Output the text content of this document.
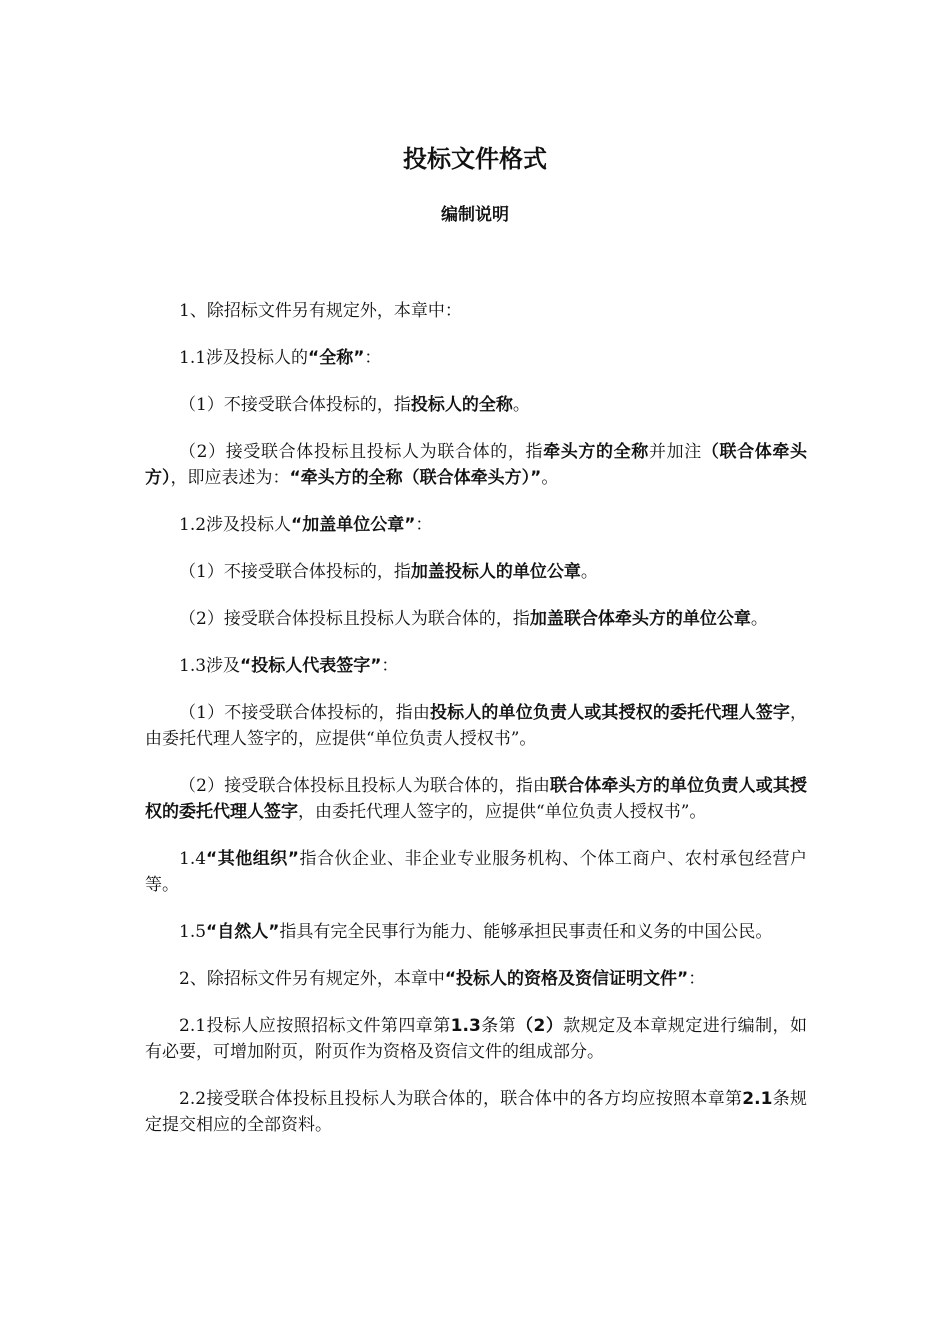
投标文件格式
编制说明

1、除招标文件另有规定外，本章中：

1.1涉及投标人的“全称”：

（1）不接受联合体投标的，指投标人的全称。

（2）接受联合体投标且投标人为联合体的，指牵头方的全称并加注（联合体牵头方），即应表述为：“牵头方的全称（联合体牵头方）”。

1.2涉及投标人“加盖单位公章”：

（1）不接受联合体投标的，指加盖投标人的单位公章。

（2）接受联合体投标且投标人为联合体的，指加盖联合体牵头方的单位公章。

1.3涉及“投标人代表签字”：

（1）不接受联合体投标的，指由投标人的单位负责人或其授权的委托代理人签字，由委托代理人签字的，应提供“单位负责人授权书”。

（2）接受联合体投标且投标人为联合体的，指由联合体牵头方的单位负责人或其授权的委托代理人签字，由委托代理人签字的，应提供“单位负责人授权书”。

1.4“其他组织”指合伙企业、非企业专业服务机构、个体工商户、农村承包经营户等。

1.5“自然人”指具有完全民事行为能力、能够承担民事责任和义务的中国公民。

2、除招标文件另有规定外，本章中“投标人的资格及资信证明文件”：

2.1投标人应按照招标文件第四章第1.3条第（2）款规定及本章规定进行编制，如有必要，可增加附页，附页作为资格及资信文件的组成部分。

2.2接受联合体投标且投标人为联合体的，联合体中的各方均应按照本章第2.1条规定提交相应的全部资料。
